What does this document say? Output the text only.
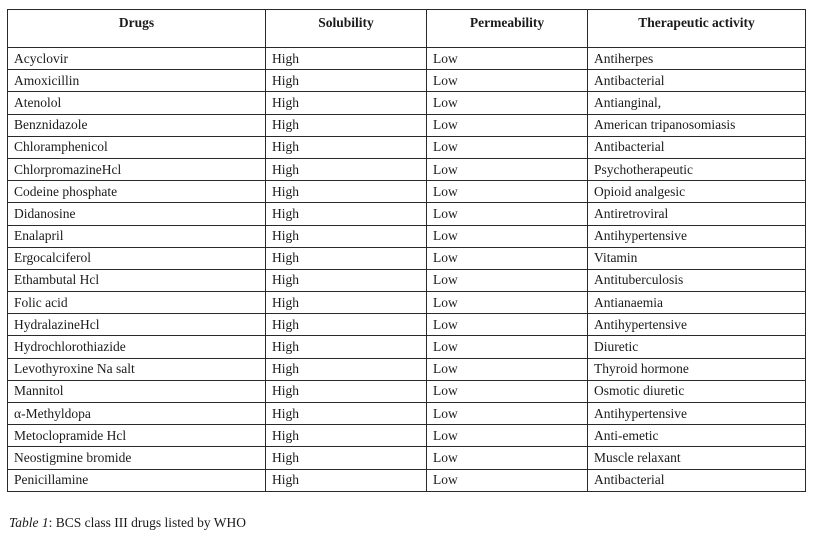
Drugs	Solubility	Permeability	Therapeutic activity
Acyclovir	High	Low	Antiherpes
Amoxicillin	High	Low	Antibacterial
Atenolol	High	Low	Antianginal,
Benznidazole	High	Low	American tripanosomiasis
Chloramphenicol	High	Low	Antibacterial
ChlorpromazineHcl	High	Low	Psychotherapeutic
Codeine phosphate	High	Low	Opioid analgesic
Didanosine	High	Low	Antiretroviral
Enalapril	High	Low	Antihypertensive
Ergocalciferol	High	Low	Vitamin
Ethambutal Hcl	High	Low	Antituberculosis
Folic acid	High	Low	Antianaemia
HydralazineHcl	High	Low	Antihypertensive
Hydrochlorothiazide	High	Low	Diuretic
Levothyroxine Na salt	High	Low	Thyroid hormone
Mannitol	High	Low	Osmotic diuretic
α-Methyldopa	High	Low	Antihypertensive
Metoclopramide Hcl	High	Low	Anti-emetic
Neostigmine bromide	High	Low	Muscle relaxant
Penicillamine	High	Low	Antibacterial
Table 1: BCS class III drugs listed by WHO
